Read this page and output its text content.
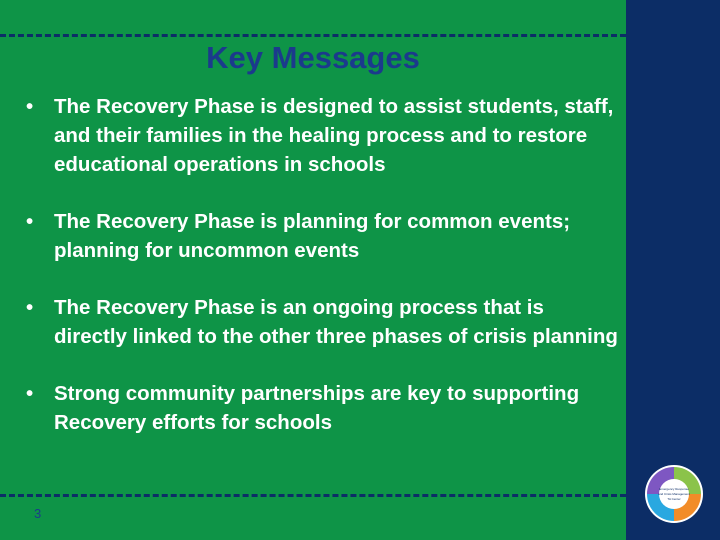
Key Messages
• The Recovery Phase is designed to assist students, staff, and their families in the healing process and to restore educational operations in schools
• The Recovery Phase is planning for common events; planning for uncommon events
• The Recovery Phase is an ongoing process that is directly linked to the other three phases of crisis planning
• Strong community partnerships are key to supporting Recovery efforts for schools
3
Emergency Response
and Crisis Management
TA Center
